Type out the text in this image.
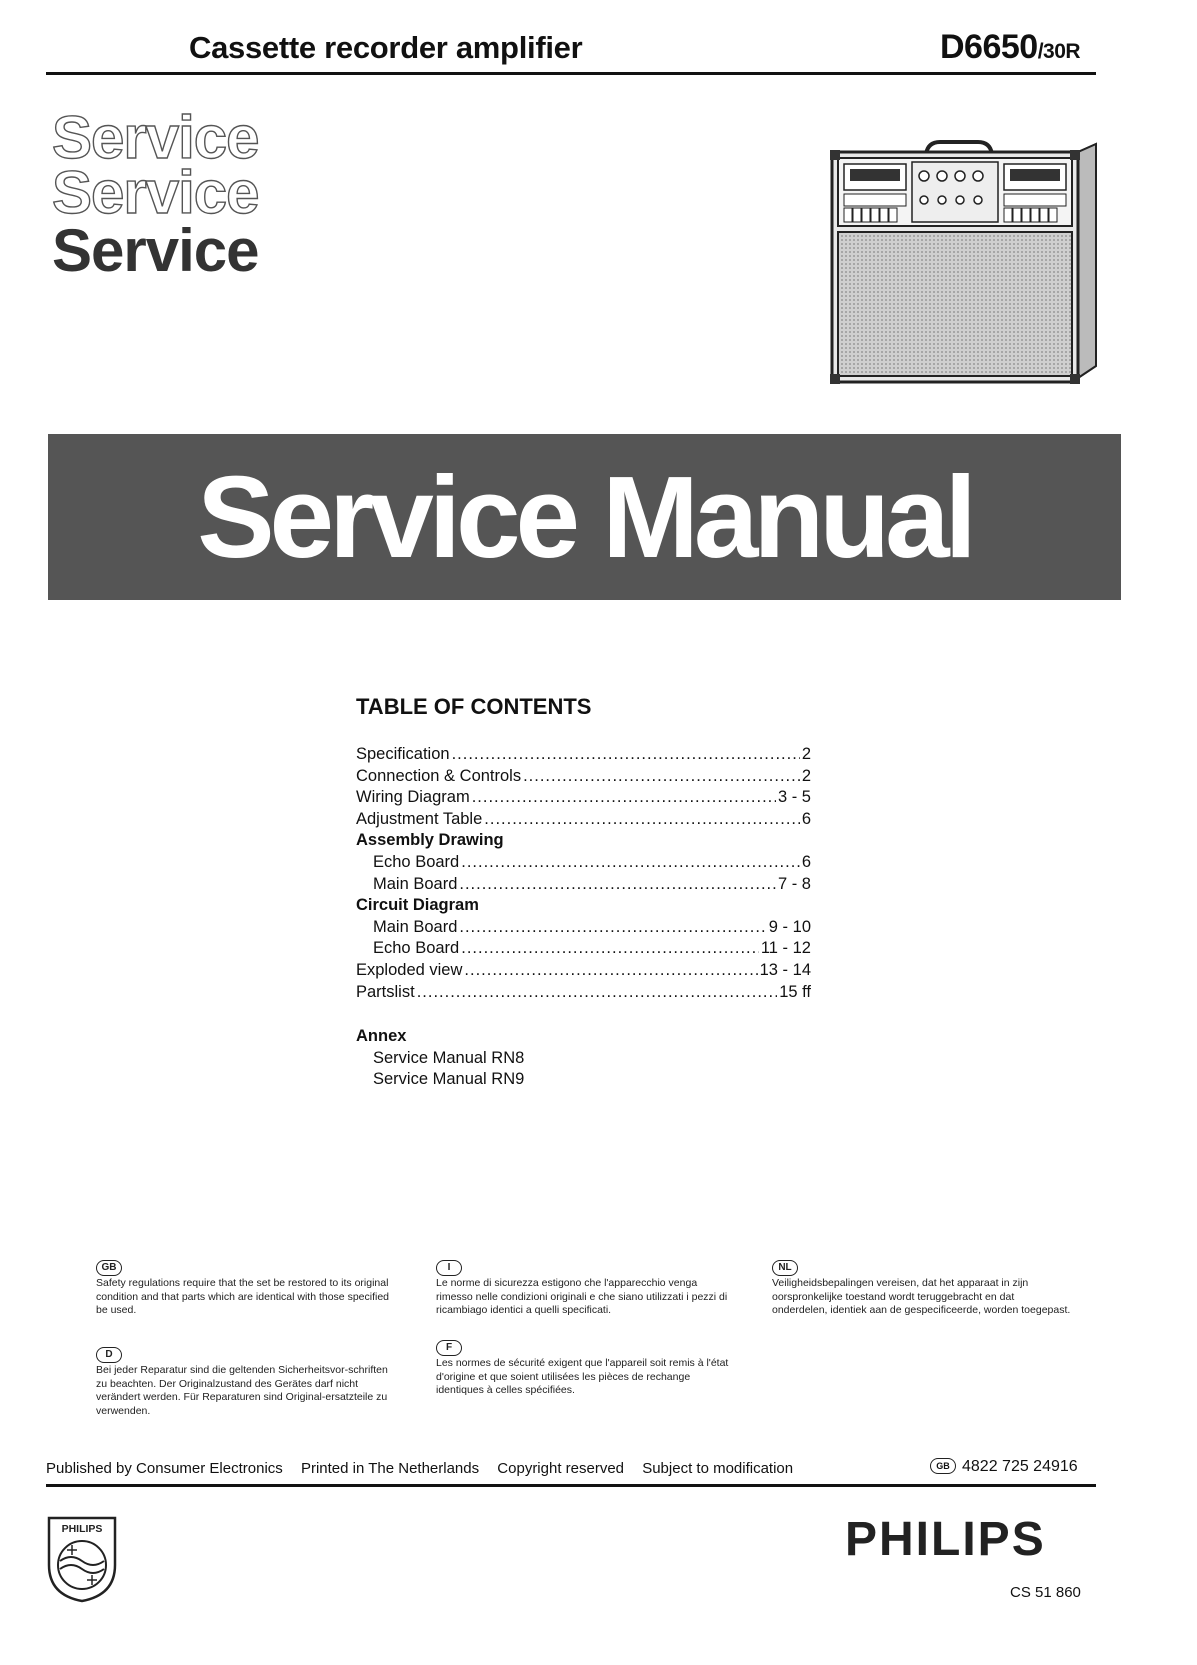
Cassette recorder amplifier	D6650/30R
Service
Service
Service
Service Manual
TABLE OF CONTENTS
Specification .....	2
Connection & Controls .....	2
Wiring Diagram .....	3 - 5
Adjustment Table .....	6
Assembly Drawing
Echo Board .....	6
Main Board .....	7 - 8
Circuit Diagram
Main Board .....	9 - 10
Echo Board .....	11 - 12
Exploded view .....	13 - 14
Partslist .....	15 ff
Annex
Service Manual RN8
Service Manual RN9
GB
Safety regulations require that the set be restored to its original condition and that parts which are identical with those specified be used.
D
Bei jeder Reparatur sind die geltenden Sicherheitsvor-schriften zu beachten. Der Originalzustand des Gerätes darf nicht verändert werden. Für Reparaturen sind Original-ersatzteile zu verwenden.
I
Le norme di sicurezza estigono che l'apparecchio venga rimesso nelle condizioni originali e che siano utilizzati i pezzi di ricambiago identici a quelli specificati.
F
Les normes de sécurité exigent que l'appareil soit remis à l'état d'origine et que soient utilisées les pièces de rechange identiques à celles spécifiées.
NL
Veiligheidsbepalingen vereisen, dat het apparaat in zijn oorspronkelijke toestand wordt teruggebracht en dat onderdelen, identiek aan de gespecificeerde, worden toegepast.
Published by Consumer Electronics Printed in The Netherlands Copyright reserved Subject to modification	GB 4822 725 24916
PHILIPS	PHILIPS
CS 51 860
